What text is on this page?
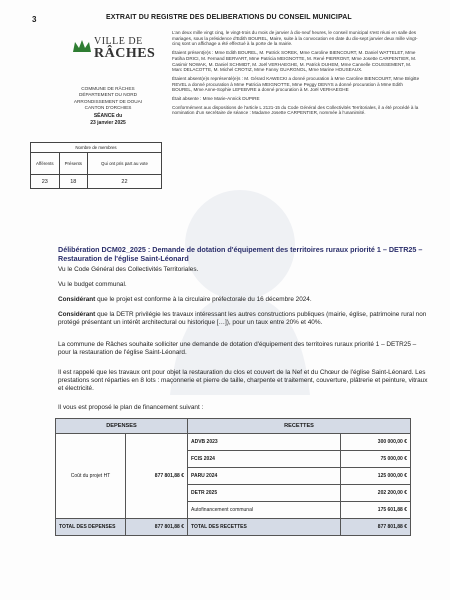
3	EXTRAIT DU REGISTRE DES DELIBERATIONS DU CONSEIL MUNICIPAL
VILLE DE
RÂCHES
COMMUNE DE RÂCHES
DÉPARTEMENT DU NORD
ARRONDISSEMENT DE DOUAI
CANTON D'ORCHIES
SÉANCE du
23 janvier 2025
Nombre de membres		
Afférents	Présents	Qui ont pris part au vote
23	18	22

L'an deux mille vingt cinq, le vingt-trois du mois de janvier à dix-neuf heures, le conseil municipal s'est réuni en salle des mariages, sous la présidence d'Edith BOUREL, Maire, suite à la convocation en date du dix-sept janvier deux mille vingt-cinq sont un affichage a été effectué à la porte de la mairie.

Étaient présent(e)s : Mme Edith BOUREL, M. Patrick SOREK, Mme Caroline BIENCOURT, M. Daniel WATTELET, Mme Fatiha DRICI, M. Fernand BERVART, Mme Patricia MEIGNOTTE, M. René PIERRONT, Mme Josette CARPENTIER, M. Casimir NOWAK, M. Daniel SCHMIDT, M. Joël VERHAEGHE, M. Patrick DUHEM, Mme Cannelle COUSSEMENT, M. Marc DELACOTTE, M. Michel CROTIZ, Mme Fanny GUARGNOL, Mme Marine HOUSEAUX.

Étaient absent(e)s représenté(e)s : M. Gérard KAWECKI a donné procuration à Mme Caroline BIENCOURT, Mme Brigitte REVEL a donné procuration à Mme Patricia MEIGNOTTE, Mme Peggy DENYS a donné procuration à Mme Edith BOUREL, Mme Anne-Sophie LEFEBVRE a donné procuration à M. Joël VERHAEGHE

Était absente : Mme Marie-Annick DUPIRE

Conformément aux dispositions de l'article L 2121-15 du Code Général des Collectivités Territoriales, il a été procédé à la nomination d'un secrétaire de séance : Madame Josette CARPENTIER, nommée à l'unanimité.

Délibération DCM02_2025 : Demande de dotation d'équipement des territoires ruraux priorité 1 – DETR25 – Restauration de l'église Saint-Léonard
Vu le Code Général des Collectivités Territoriales.
Vu le budget communal.
Considérant que le projet est conforme à la circulaire préfectorale du 16 décembre 2024.
Considérant que la DETR privilégie les travaux intéressant les autres constructions publiques (mairie, église, patrimoine rural non protégé présentant un intérêt architectural ou historique […]), pour un taux entre 20% et 40%.
La commune de Râches souhaite solliciter une demande de dotation d'équipement des territoires ruraux priorité 1 – DETR25 – pour la restauration de l'église Saint-Léonard.
Il est rappelé que les travaux ont pour objet la restauration du clos et couvert de la Nef et du Chœur de l'église Saint-Léonard. Les prestations sont réparties en 8 lots : maçonnerie et pierre de taille, charpente et traitement, couverture, plâtrerie et peinture, vitraux et électricité.
Il vous est proposé le plan de financement suivant :
DEPENSES		RECETTES	
Coût du projet HT	877 801,88 €	ADVB 2023	300 000,00 €
		FCIS 2024	75 000,00 €
		PARU 2024	125 000,00 €
		DETR 2025	202 200,00 €
		Autofinancement communal	175 601,88 €
TOTAL DES DEPENSES	877 801,88 €	TOTAL DES RECETTES	877 801,88 €
